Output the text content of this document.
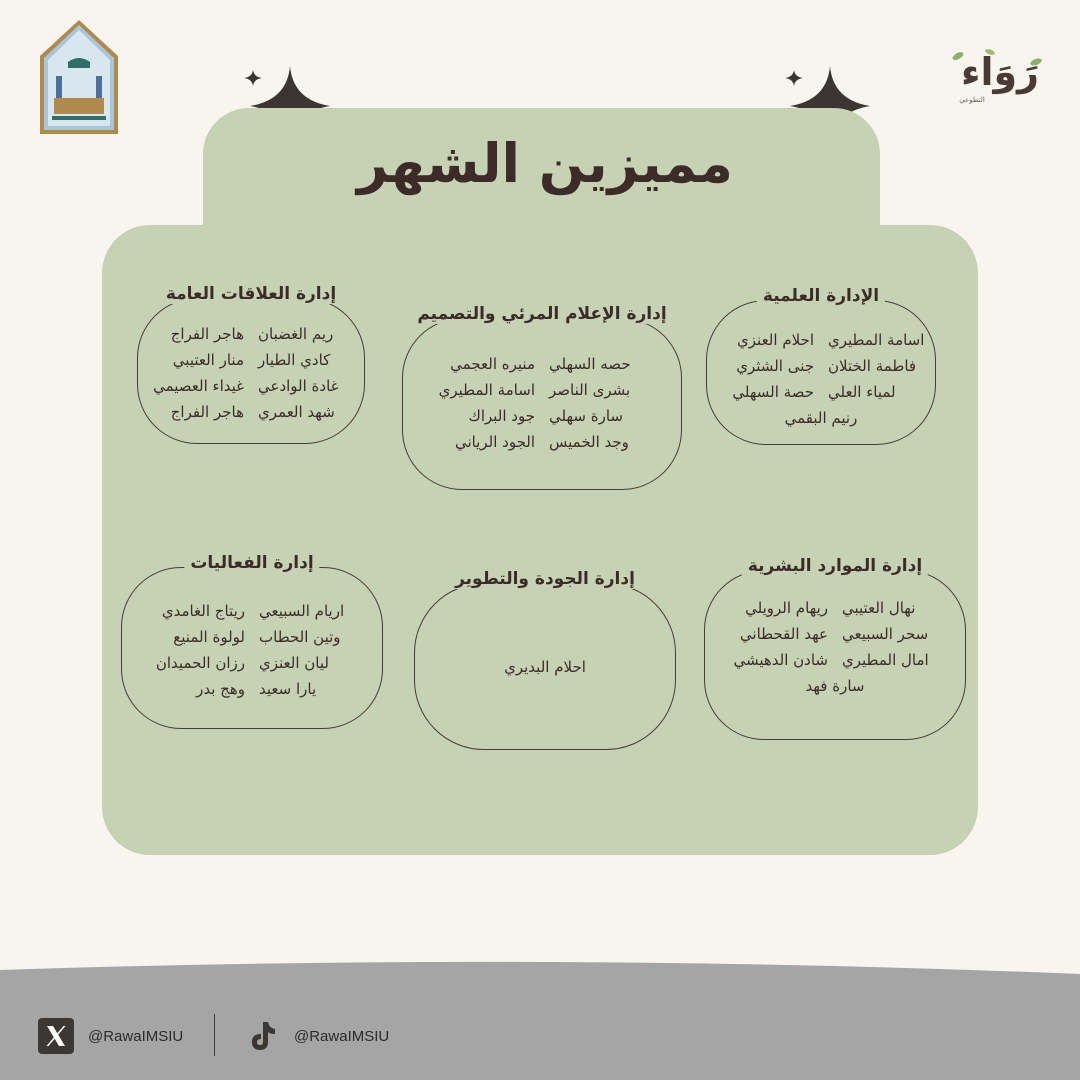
رَوَاء
التطوعي
مميزين الشهر
الإدارة العلمية
اسامة المطيري
احلام العنزي
فاطمة الختلان
جنى الشثري
لمياء العلي
حصة السهلي
رنيم البقمي
إدارة الإعلام المرئي والتصميم
حصه السهلي
منيره العجمي
بشرى الناصر
اسامة المطيري
سارة سهلي
جود البراك
وجد الخميس
الجود الرياني
إدارة العلاقات العامة
ريم الغضبان
هاجر الفراج
كادي الطيار
منار العتيبي
غادة الوادعي
غيداء العصيمي
شهد العمري
هاجر الفراج
إدارة الموارد البشرية
نهال العتيبي
ريهام الرويلي
سحر السبيعي
عهد القحطاني
امال المطيري
شادن الدهيشي
سارة فهد
إدارة الجودة والتطوير
احلام البديري
إدارة الفعاليات
اريام السبيعي
ريتاج الغامدي
وتين الحطاب
لولوة المنيع
ليان العنزي
رزان الحميدان
يارا سعيد
وهج بدر
@RawaIMSIU	@RawaIMSIU
